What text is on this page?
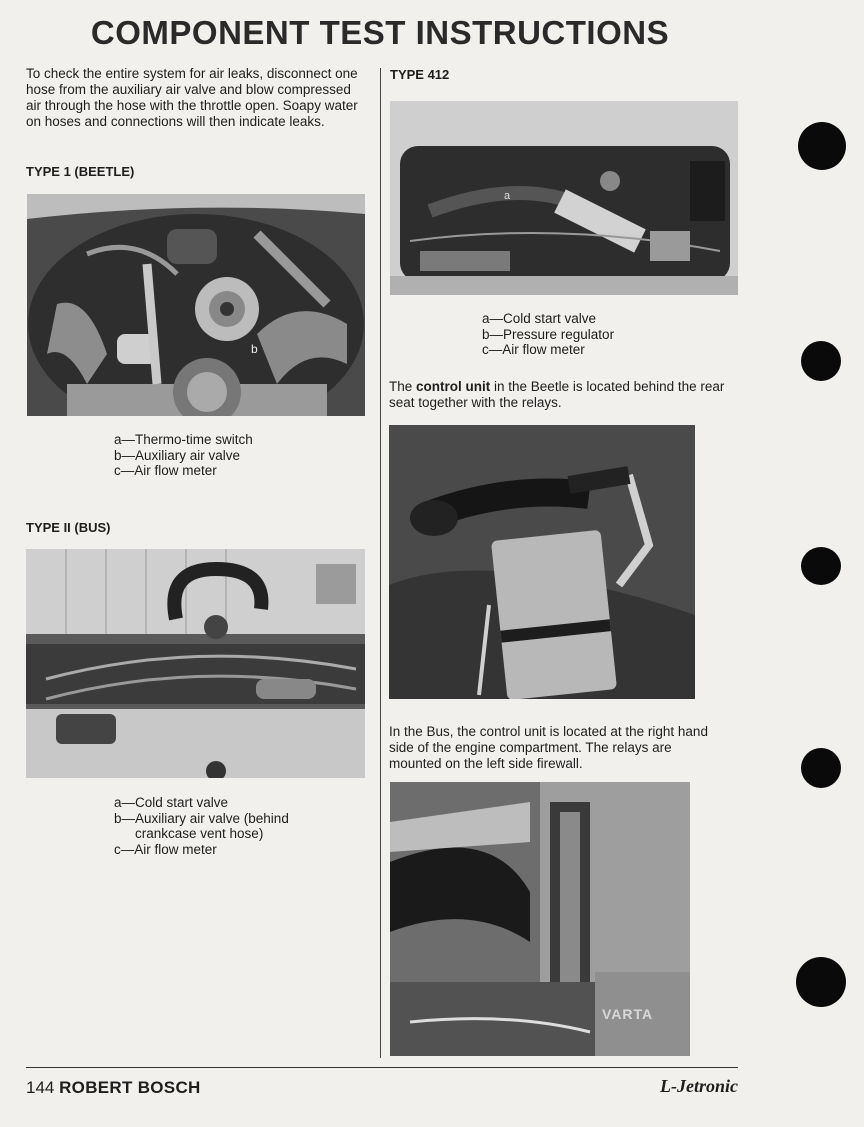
COMPONENT TEST INSTRUCTIONS
To check the entire system for air leaks, disconnect one hose from the auxiliary air valve and blow compressed air through the hose with the throttle open. Soapy water on hoses and connections will then indicate leaks.
TYPE 1 (BEETLE)
b
a—Thermo-time switch
b—Auxiliary air valve
c—Air flow meter
TYPE II (BUS)
a—Cold start valve
b—Auxiliary air valve (behind
crankcase vent hose)
c—Air flow meter
TYPE 412
a
a—Cold start valve
b—Pressure regulator
c—Air flow meter
The control unit in the Beetle is located behind the rear seat together with the relays.
In the Bus, the control unit is located at the right hand side of the engine compartment. The relays are mounted on the left side firewall.
VARTA
144 ROBERT BOSCH	L-Jetronic
